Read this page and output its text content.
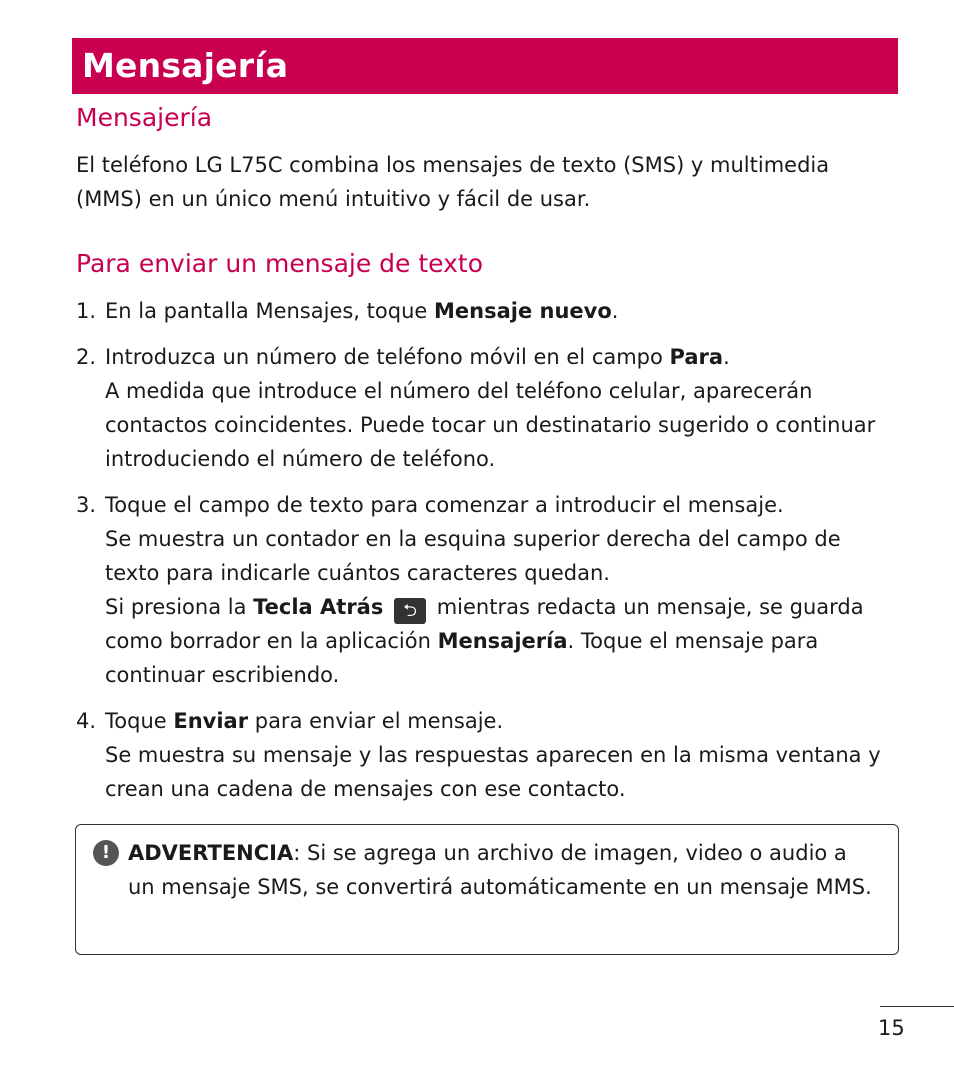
Mensajería
Mensajería

El teléfono LG L75C combina los mensajes de texto (SMS) y multimedia (MMS) en un único menú intuitivo y fácil de usar.

Para enviar un mensaje de texto
1. En la pantalla Mensajes, toque Mensaje nuevo.
2. Introduzca un número de teléfono móvil en el campo Para.
A medida que introduce el número del teléfono celular, aparecerán contactos coincidentes. Puede tocar un destinatario sugerido o continuar introduciendo el número de teléfono.
3. Toque el campo de texto para comenzar a introducir el mensaje.
Se muestra un contador en la esquina superior derecha del campo de texto para indicarle cuántos caracteres quedan.
Si presiona la Tecla Atrás ⮌ mientras redacta un mensaje, se guarda como borrador en la aplicación Mensajería. Toque el mensaje para continuar escribiendo.
4. Toque Enviar para enviar el mensaje.
Se muestra su mensaje y las respuestas aparecen en la misma ventana y crean una cadena de mensajes con ese contacto.
! ADVERTENCIA: Si se agrega un archivo de imagen, video o audio a un mensaje SMS, se convertirá automáticamente en un mensaje MMS.

15
